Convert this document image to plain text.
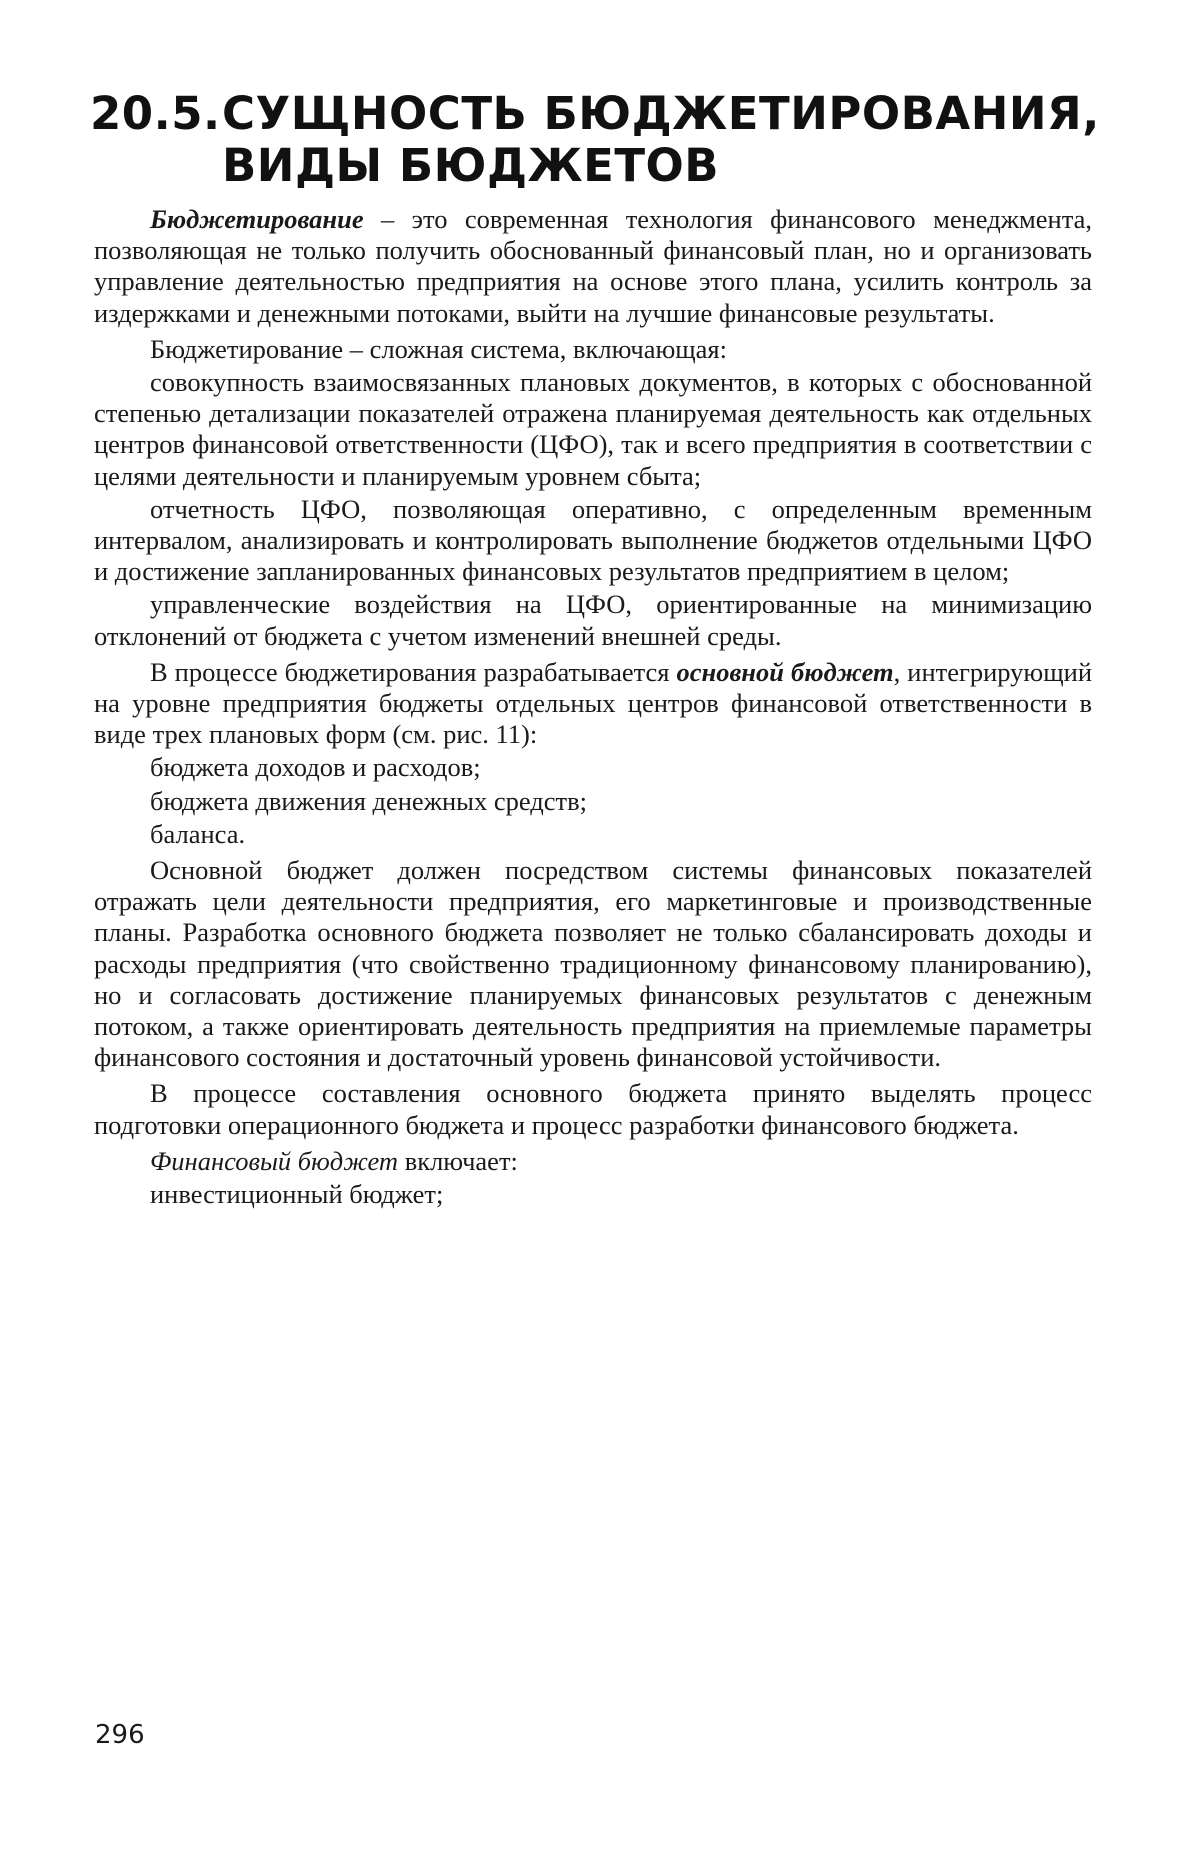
20.5.СУЩНОСТЬ БЮДЖЕТИРОВАНИЯ,
ВИДЫ БЮДЖЕТОВ

Бюджетирование – это современная технология финансового менеджмента, позволяющая не только получить обоснованный финансовый план, но и организовать управление деятельностью предприятия на основе этого плана, усилить контроль за издержками и денежными потоками, выйти на лучшие финансовые результаты.

Бюджетирование – сложная система, включающая:

совокупность взаимосвязанных плановых документов, в которых с обоснованной степенью детализации показателей отражена планируемая деятельность как отдельных центров финансовой ответственности (ЦФО), так и всего предприятия в соответствии с целями деятельности и планируемым уровнем сбыта;

отчетность ЦФО, позволяющая оперативно, с определенным временным интервалом, анализировать и контролировать выполнение бюджетов отдельными ЦФО и достижение запланированных финансовых результатов предприятием в целом;

управленческие воздействия на ЦФО, ориентированные на минимизацию отклонений от бюджета с учетом изменений внешней среды.

В процессе бюджетирования разрабатывается основной бюджет, интегрирующий на уровне предприятия бюджеты отдельных центров финансовой ответственности в виде трех плановых форм (см. рис. 11):

бюджета доходов и расходов;

бюджета движения денежных средств;

баланса.

Основной бюджет должен посредством системы финансовых показателей отражать цели деятельности предприятия, его маркетинговые и производственные планы. Разработка основного бюджета позволяет не только сбалансировать доходы и расходы предприятия (что свойственно традиционному финансовому планированию), но и согласовать достижение планируемых финансовых результатов с денежным потоком, а также ориентировать деятельность предприятия на приемлемые параметры финансового состояния и достаточный уровень финансовой устойчивости.

В процессе составления основного бюджета принято выделять процесс подготовки операционного бюджета и процесс разработки финансового бюджета.

Финансовый бюджет включает:

инвестиционный бюджет;

296
